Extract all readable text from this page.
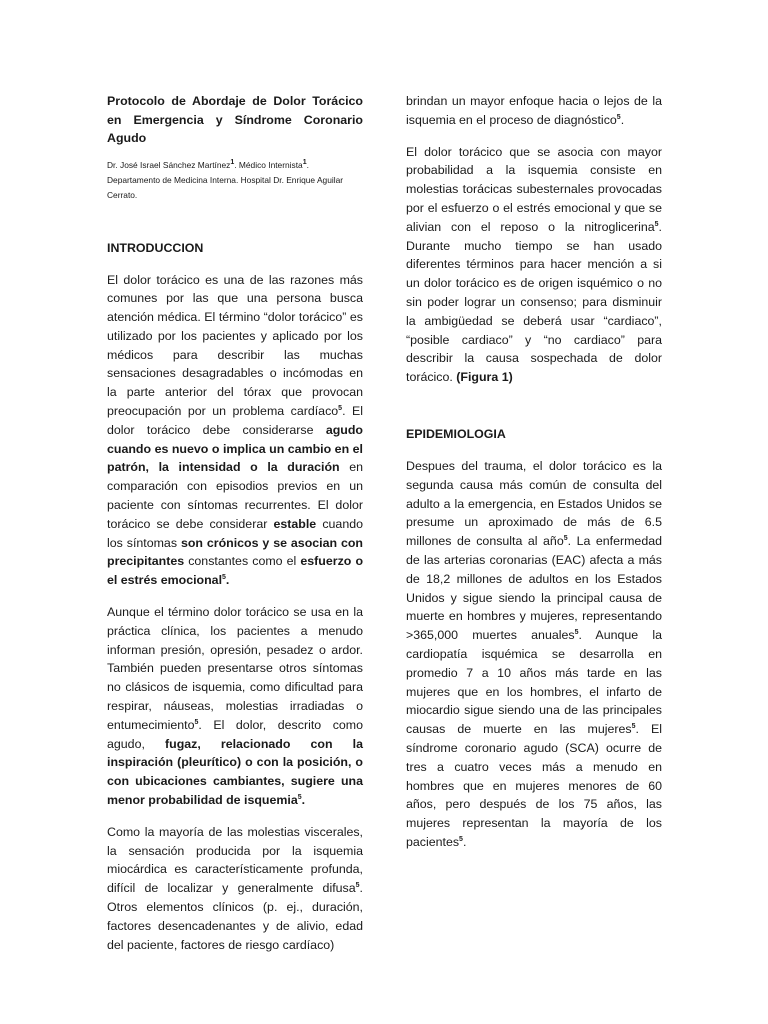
Protocolo de Abordaje de Dolor Torácico en Emergencia y Síndrome Coronario Agudo

Dr. José Israel Sánchez Martínez$^1$. Médico Internista$^1$.
Departamento de Medicina Interna. Hospital Dr. Enrique Aguilar Cerrato.

INTRODUCCION

El dolor torácico es una de las razones más comunes por las que una persona busca atención médica. El término “dolor torácico” es utilizado por los pacientes y aplicado por los médicos para describir las muchas sensaciones desagradables o incómodas en la parte anterior del tórax que provocan preocupación por un problema cardíaco$^5$. El dolor torácico debe considerarse agudo cuando es nuevo o implica un cambio en el patrón, la intensidad o la duración en comparación con episodios previos en un paciente con síntomas recurrentes. El dolor torácico se debe considerar estable cuando los síntomas son crónicos y se asocian con precipitantes constantes como el esfuerzo o el estrés emocional$^5$.

Aunque el término dolor torácico se usa en la práctica clínica, los pacientes a menudo informan presión, opresión, pesadez o ardor. También pueden presentarse otros síntomas no clásicos de isquemia, como dificultad para respirar, náuseas, molestias irradiadas o entumecimiento$^5$. El dolor, descrito como agudo, fugaz, relacionado con la inspiración (pleurítico) o con la posición, o con ubicaciones cambiantes, sugiere una menor probabilidad de isquemia$^5$.

Como la mayoría de las molestias viscerales, la sensación producida por la isquemia miocárdica es característicamente profunda, difícil de localizar y generalmente difusa$^5$. Otros elementos clínicos (p. ej., duración, factores desencadenantes y de alivio, edad del paciente, factores de riesgo cardíaco)

brindan un mayor enfoque hacia o lejos de la isquemia en el proceso de diagnóstico$^5$.

El dolor torácico que se asocia con mayor probabilidad a la isquemia consiste en molestias torácicas subesternales provocadas por el esfuerzo o el estrés emocional y que se alivian con el reposo o la nitroglicerina$^5$. Durante mucho tiempo se han usado diferentes términos para hacer mención a si un dolor torácico es de origen isquémico o no sin poder lograr un consenso; para disminuir la ambigüedad se deberá usar “cardiaco”, “posible cardiaco” y “no cardiaco” para describir la causa sospechada de dolor torácico. (Figura 1)

EPIDEMIOLOGIA

Despues del trauma, el dolor torácico es la segunda causa más común de consulta del adulto a la emergencia, en Estados Unidos se presume un aproximado de más de 6.5 millones de consulta al año$^5$. La enfermedad de las arterias coronarias (EAC) afecta a más de 18,2 millones de adultos en los Estados Unidos y sigue siendo la principal causa de muerte en hombres y mujeres, representando >365,000 muertes anuales$^5$. Aunque la cardiopatía isquémica se desarrolla en promedio 7 a 10 años más tarde en las mujeres que en los hombres, el infarto de miocardio sigue siendo una de las principales causas de muerte en las mujeres$^5$. El síndrome coronario agudo (SCA) ocurre de tres a cuatro veces más a menudo en hombres que en mujeres menores de 60 años, pero después de los 75 años, las mujeres representan la mayoría de los pacientes$^5$.
